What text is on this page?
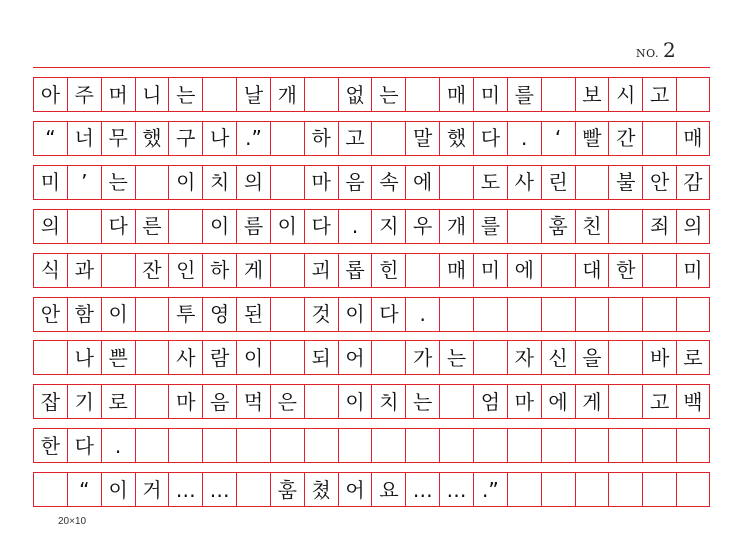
NO. 2
아 주 머 니 는	날 개	없 는	매 미 를	보 시 고
“ 너 무 했 구 나 .”	하 고	말 했 다	.	‘	빨 간	매
미	’	는	이 치 의	마 음 속 에	도 사 린	불 안 감
의	다 른	이 름 이 다	.	지 우 개 를	훔 친	죄 의
식 과	잔 인 하 게	괴 롭 힌	매 미 에	대 한	미
안 함 이	투 영 된	것 이 다	.
나 쁜	사 람 이	되 어	가 는	자 신 을	바 로
잡 기 로	마 음 먹 은	이 치 는	엄 마 에 게	고 백
한 다	.
“ 이 거 … …	훔 쳤 어 요 … … .”
20×10
